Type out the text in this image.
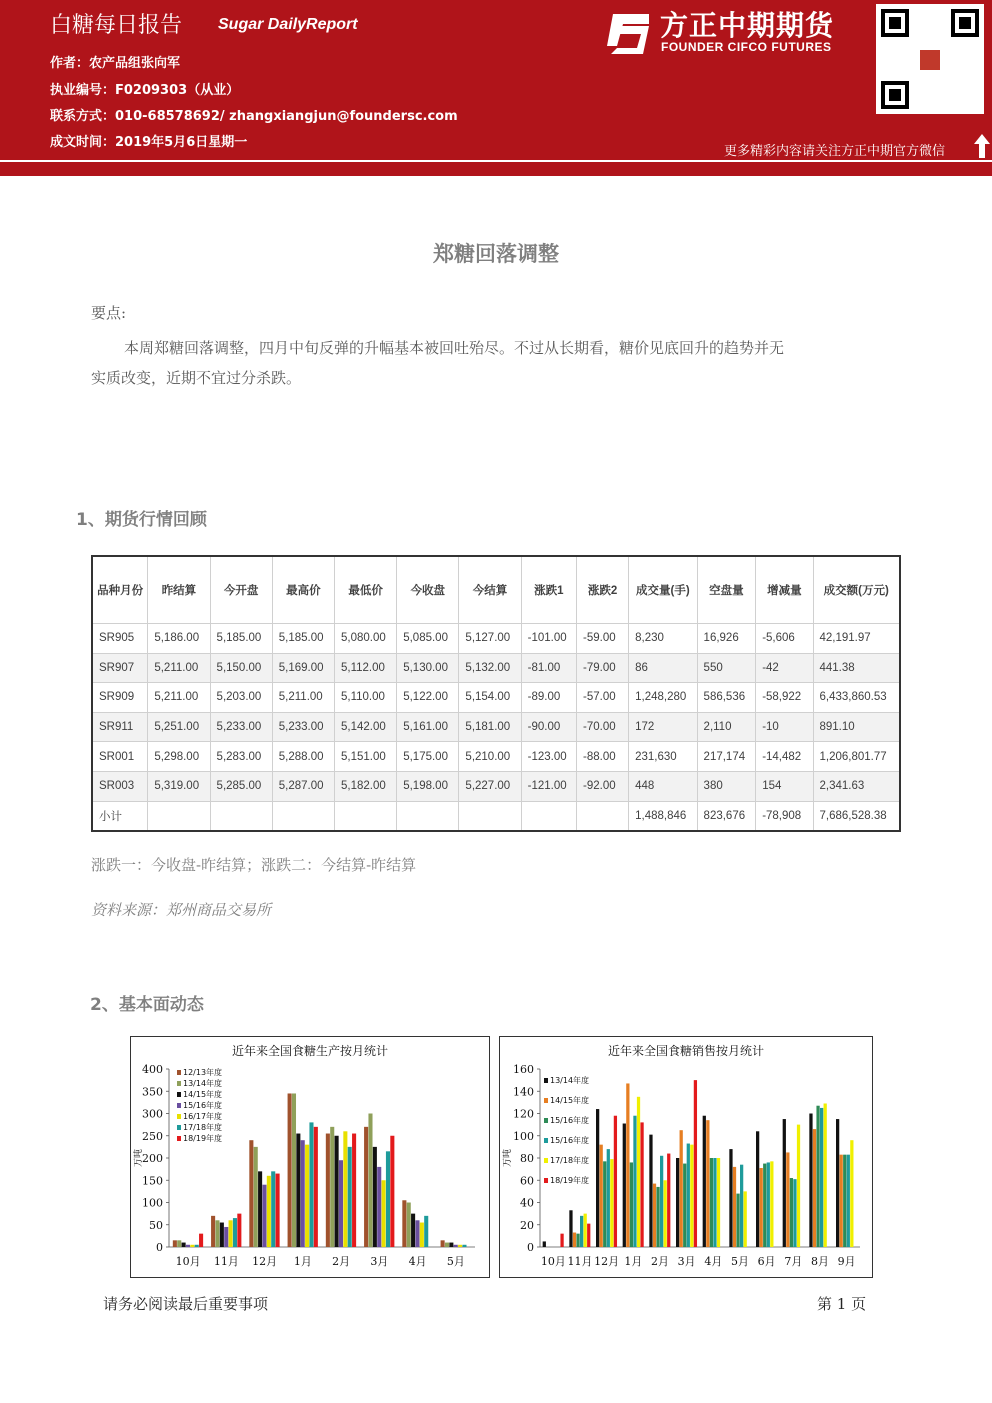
白糖每日报告 Sugar DailyReport
作者：农产品组张向军
执业编号：F0209303（从业）
联系方式：010-68578692/ zhangxiangjun@foundersc.com
成文时间：2019年5月6日星期一
方正中期期货
FOUNDER CIFCO FUTURES
更多精彩内容请关注方正中期官方微信
郑糖回落调整
要点:
本周郑糖回落调整，四月中旬反弹的升幅基本被回吐殆尽。不过从长期看，糖价见底回升的趋势并无
实质改变，近期不宜过分杀跌。
1、期货行情回顾
品种月份	昨结算	今开盘	最高价	最低价	今收盘	今结算	涨跌1	涨跌2	成交量(手)	空盘量	增减量	成交额(万元)
SR905	5,186.00	5,185.00	5,185.00	5,080.00	5,085.00	5,127.00	-101.00	-59.00	8,230	16,926	-5,606	42,191.97
SR907	5,211.00	5,150.00	5,169.00	5,112.00	5,130.00	5,132.00	-81.00	-79.00	86	550	-42	441.38
SR909	5,211.00	5,203.00	5,211.00	5,110.00	5,122.00	5,154.00	-89.00	-57.00	1,248,280	586,536	-58,922	6,433,860.53
SR911	5,251.00	5,233.00	5,233.00	5,142.00	5,161.00	5,181.00	-90.00	-70.00	172	2,110	-10	891.10
SR001	5,298.00	5,283.00	5,288.00	5,151.00	5,175.00	5,210.00	-123.00	-88.00	231,630	217,174	-14,482	1,206,801.77
SR003	5,319.00	5,285.00	5,287.00	5,182.00	5,198.00	5,227.00	-121.00	-92.00	448	380	154	2,341.63
小计									1,488,846	823,676	-78,908	7,686,528.38
涨跌一：今收盘-昨结算；涨跌二：今结算-昨结算
资料来源：郑州商品交易所
2、基本面动态
近年来全国食糖生产按月统计
0
50
100
150
200
250
300
350
400
万吨
10月 11月 12月 1月 2月 3月 4月 5月
12/13年度
13/14年度
14/15年度
15/16年度
16/17年度
17/18年度
18/19年度
近年来全国食糖销售按月统计
0
20
40
60
80
100
120
140
160
万吨
10月 11月 12月 1月 2月 3月 4月 5月 6月 7月 8月 9月
13/14年度
14/15年度
15/16年度
15/16年度
17/18年度
18/19年度
请务必阅读最后重要事项	第 1 页
